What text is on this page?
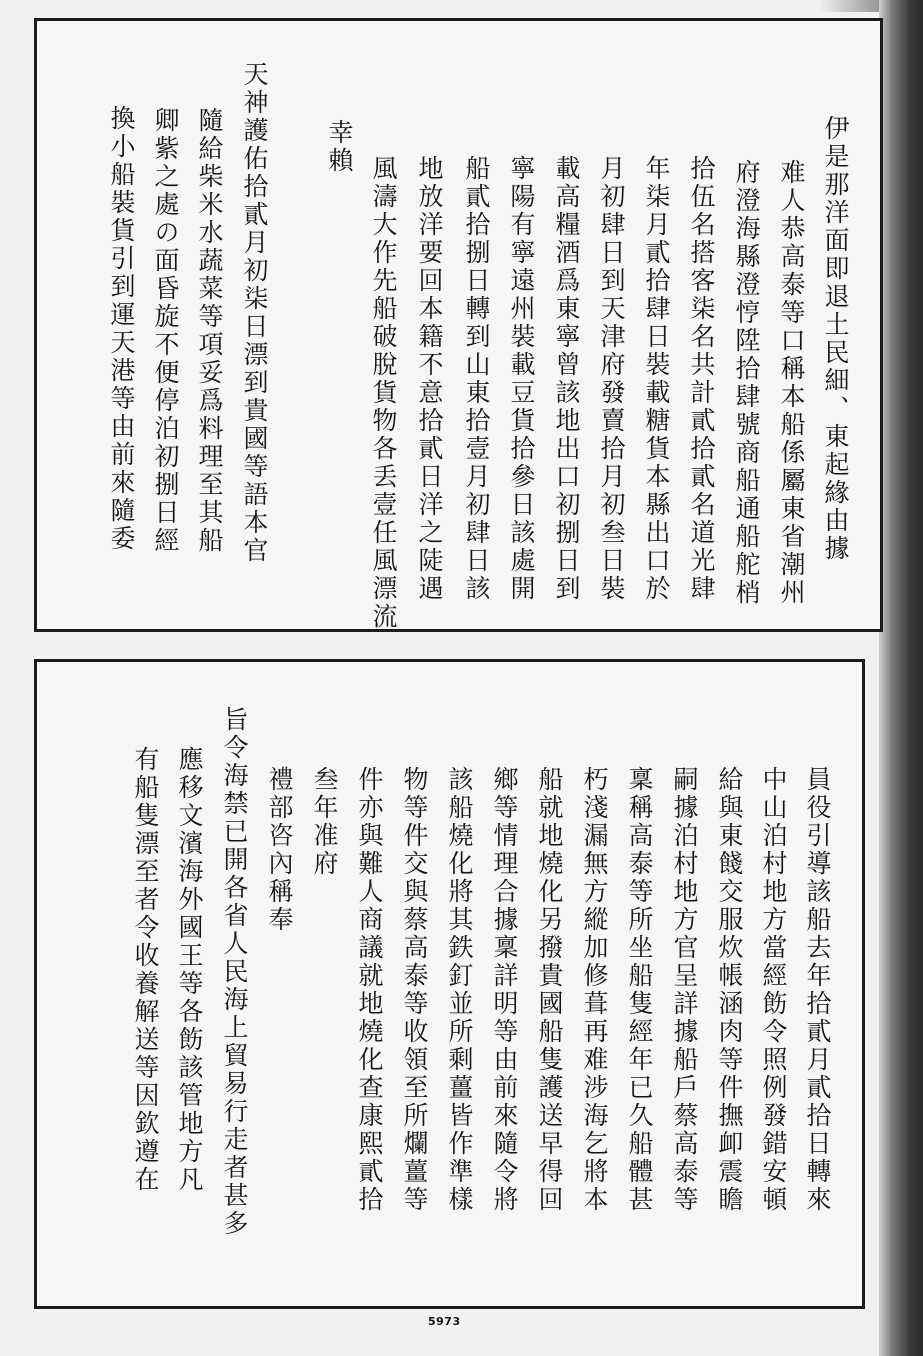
伊是那洋面即退土民細、東起緣由據
难人恭高泰等口稱本船係屬東省潮州
府澄海縣澄悙陞拾肆號商船通船舵梢
拾伍名搭客柒名共計貳拾貳名道光肆
年柒月貳拾肆日裝載糖貨本縣出口於
月初肆日到天津府發賣拾月初叁日裝
載高糧酒爲東寧曾該地出口初捌日到
寧陽有寧遠州裝載豆貨拾參日該處開
船貳拾捌日轉到山東拾壹月初肆日該
地放洋要回本籍不意拾貳日洋之陡遇
風濤大作先船破脫貨物各丢壹任風漂流
幸賴
天神護佑拾貳月初柒日漂到貴國等語本官
隨給柴米水蔬菜等項妥爲料理至其船
卿紫之處の面昏旋不便停泊初捌日經
換小船裝貨引到運天港等由前來隨委
員役引導該船去年拾貳月貳拾日轉來
中山泊村地方當經飭令照例發錯安頓
給與東餞交服炊帳涵肉等件撫卹震瞻
嗣據泊村地方官呈詳據船戶蔡高泰等
稟稱高泰等所坐船隻經年已久船體甚
朽淺漏無方縱加修葺再难涉海乞將本
船就地燒化另撥貴國船隻護送早得回
鄉等情理合據稟詳明等由前來隨令將
該船燒化將其鉄釘並所剩薑皆作準樣
物等件交與蔡高泰等收領至所爛薑等
件亦與難人商議就地燒化查康熙貳拾
叁年准府
禮部咨內稱奉
旨令海禁已開各省人民海上貿易行走者甚多
應移文濱海外國王等各飭該管地方凡
有船隻漂至者令收養解送等因欽遵在
5973
